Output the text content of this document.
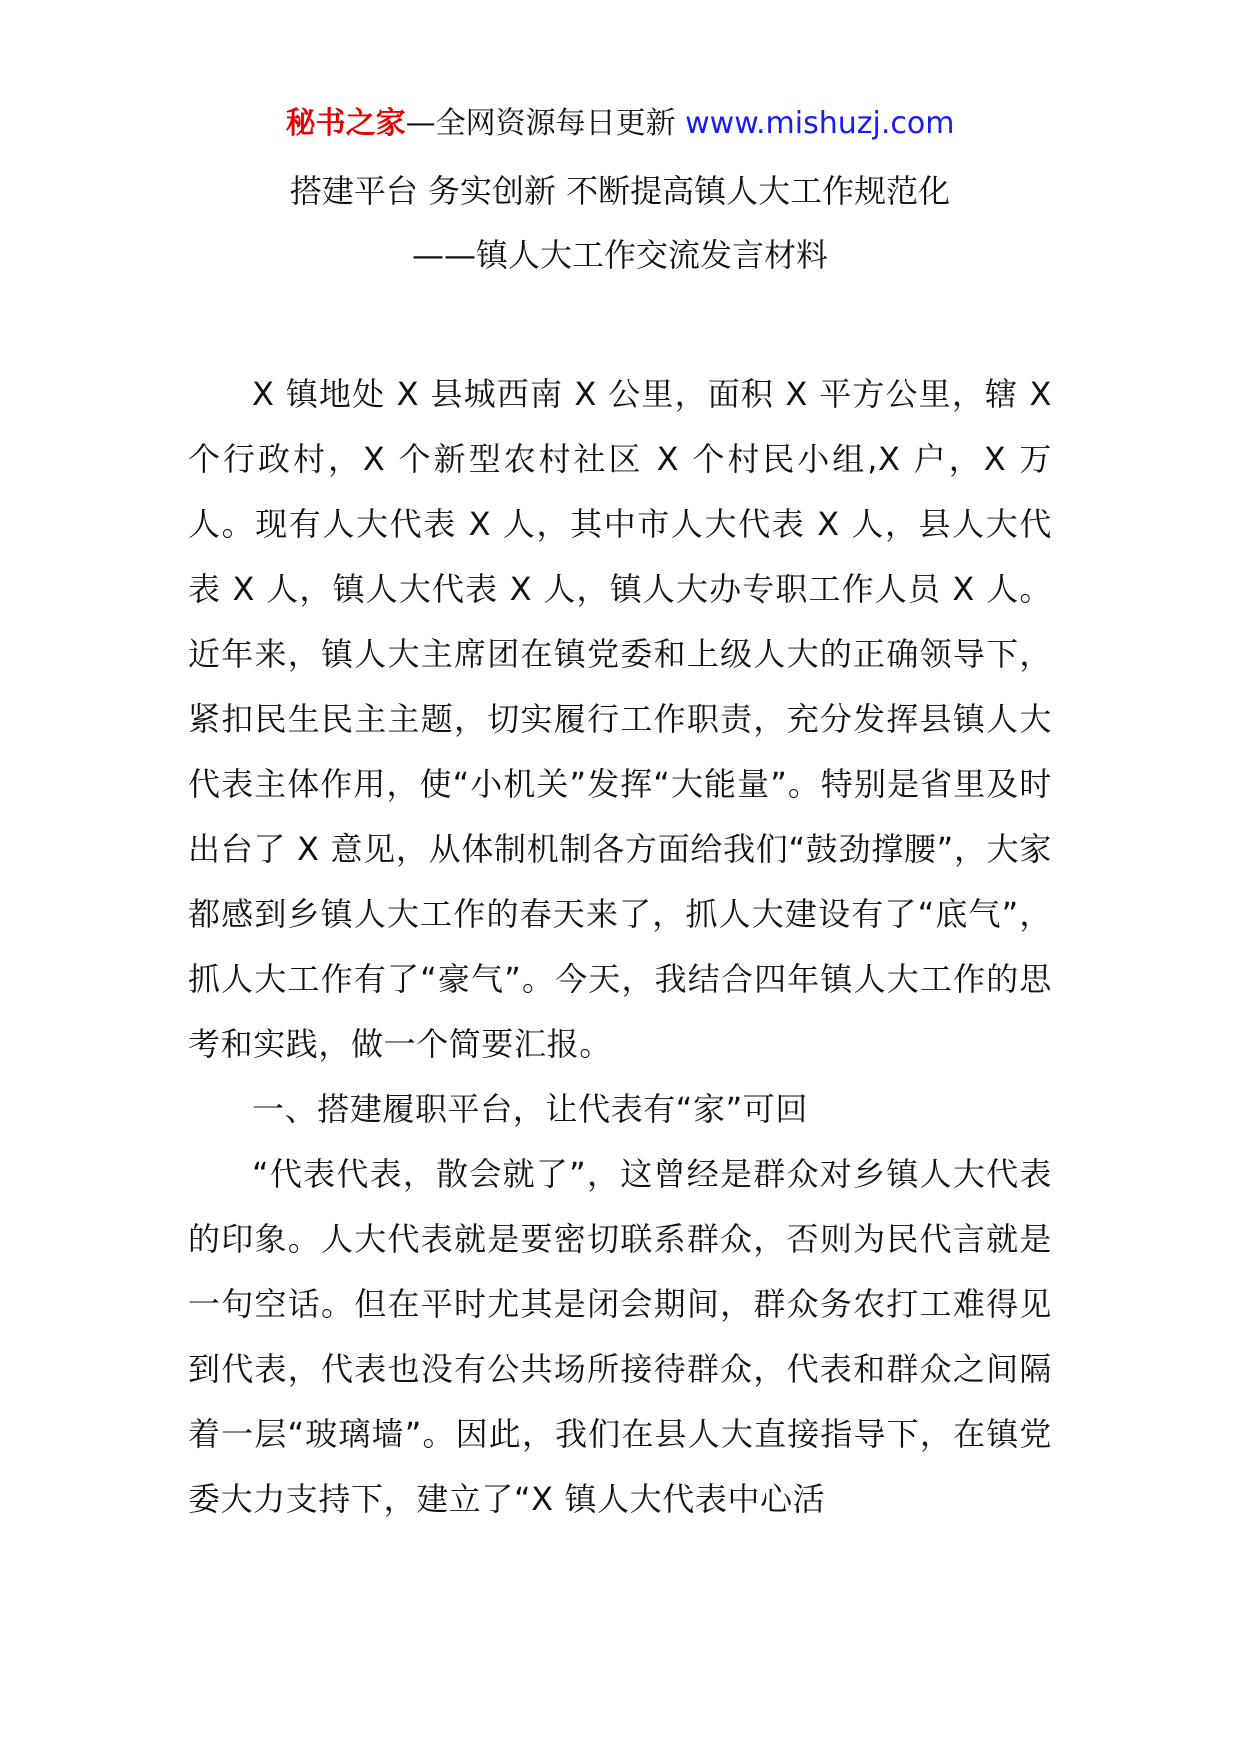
秘书之家—全网资源每日更新 www.mishuzj.com
搭建平台 务实创新 不断提高镇人大工作规范化
——镇人大工作交流发言材料

X 镇地处 X 县城西南 X 公里，面积 X 平方公里，辖 X 个行政村，X 个新型农村社区 X 个村民小组,X 户，X 万人。现有人大代表 X 人，其中市人大代表 X 人，县人大代表 X 人，镇人大代表 X 人，镇人大办专职工作人员 X 人。近年来，镇人大主席团在镇党委和上级人大的正确领导下，紧扣民生民主主题，切实履行工作职责，充分发挥县镇人大代表主体作用，使“小机关”发挥“大能量”。特别是省里及时出台了 X 意见，从体制机制各方面给我们“鼓劲撑腰”，大家都感到乡镇人大工作的春天来了，抓人大建设有了“底气”，抓人大工作有了“豪气”。今天，我结合四年镇人大工作的思考和实践，做一个简要汇报。

一、搭建履职平台，让代表有“家”可回

“代表代表，散会就了”，这曾经是群众对乡镇人大代表的印象。人大代表就是要密切联系群众，否则为民代言就是一句空话。但在平时尤其是闭会期间，群众务农打工难得见到代表，代表也没有公共场所接待群众，代表和群众之间隔着一层“玻璃墙”。因此，我们在县人大直接指导下，在镇党委大力支持下，建立了“X 镇人大代表中心活
